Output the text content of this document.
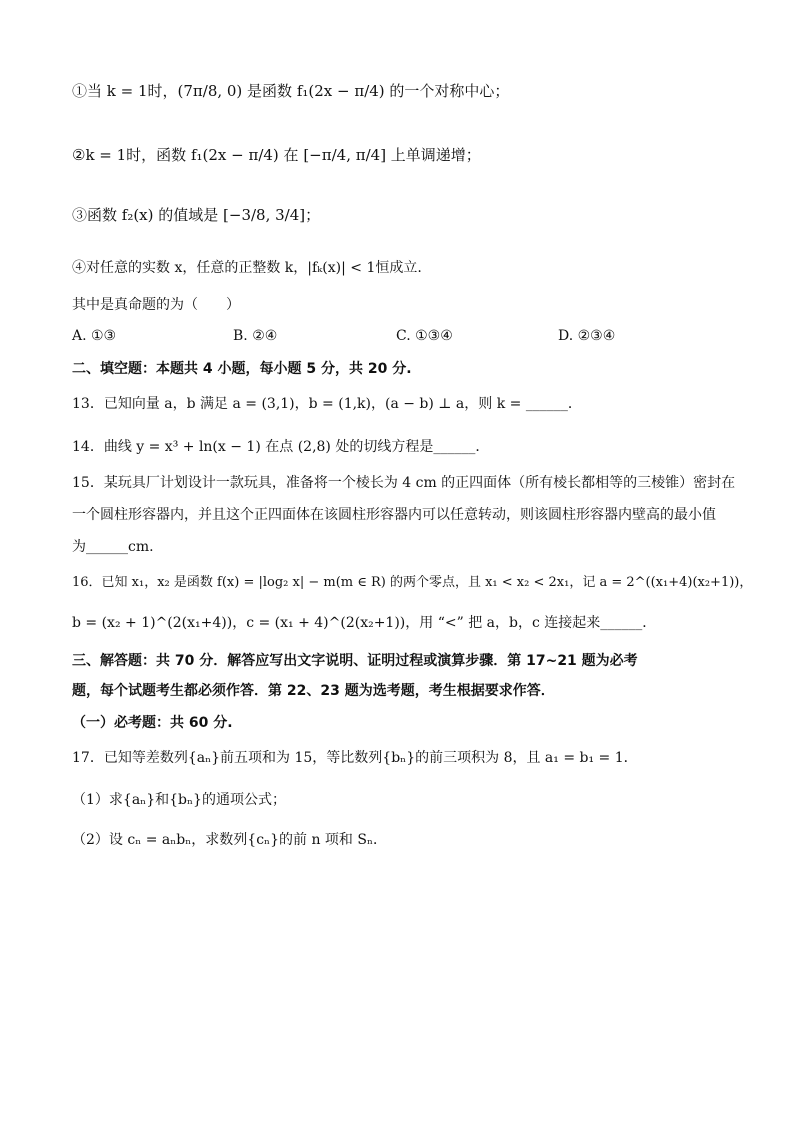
①当 k = 1时，(7π/8, 0) 是函数 f₁(2x − π/4) 的一个对称中心；
②k = 1时，函数 f₁(2x − π/4) 在 [−π/4, π/4] 上单调递增；
③函数 f₂(x) 的值域是 [−3/8, 3/4]；
④对任意的实数 x，任意的正整数 k，|fₖ(x)| < 1恒成立.
其中是真命题的为（　　）
A. ①③	B. ②④	C. ①③④	D. ②③④
二、填空题：本题共 4 小题，每小题 5 分，共 20 分.
13．已知向量 a，b 满足 a = (3,1)，b = (1,k)，(a − b) ⊥ a，则 k = ______．
14．曲线 y = x³ + ln(x − 1) 在点 (2,8) 处的切线方程是______．
15．某玩具厂计划设计一款玩具，准备将一个棱长为 4 cm 的正四面体（所有棱长都相等的三棱锥）密封在
一个圆柱形容器内，并且这个正四面体在该圆柱形容器内可以任意转动，则该圆柱形容器内壁高的最小值
为______cm.
16．已知 x₁，x₂ 是函数 f(x) = |log₂ x| − m(m ∈ R) 的两个零点，且 x₁ < x₂ < 2x₁，记 a = 2^((x₁+4)(x₂+1))，
b = (x₂ + 1)^(2(x₁+4))，c = (x₁ + 4)^(2(x₂+1))，用 “<” 把 a，b，c 连接起来______．
三、解答题：共 70 分．解答应写出文字说明、证明过程或演算步骤．第 17~21 题为必考
题，每个试题考生都必须作答．第 22、23 题为选考题，考生根据要求作答．
（一）必考题：共 60 分.
17．已知等差数列{aₙ}前五项和为 15，等比数列{bₙ}的前三项积为 8，且 a₁ = b₁ = 1．
（1）求{aₙ}和{bₙ}的通项公式；
（2）设 cₙ = aₙbₙ，求数列{cₙ}的前 n 项和 Sₙ．
